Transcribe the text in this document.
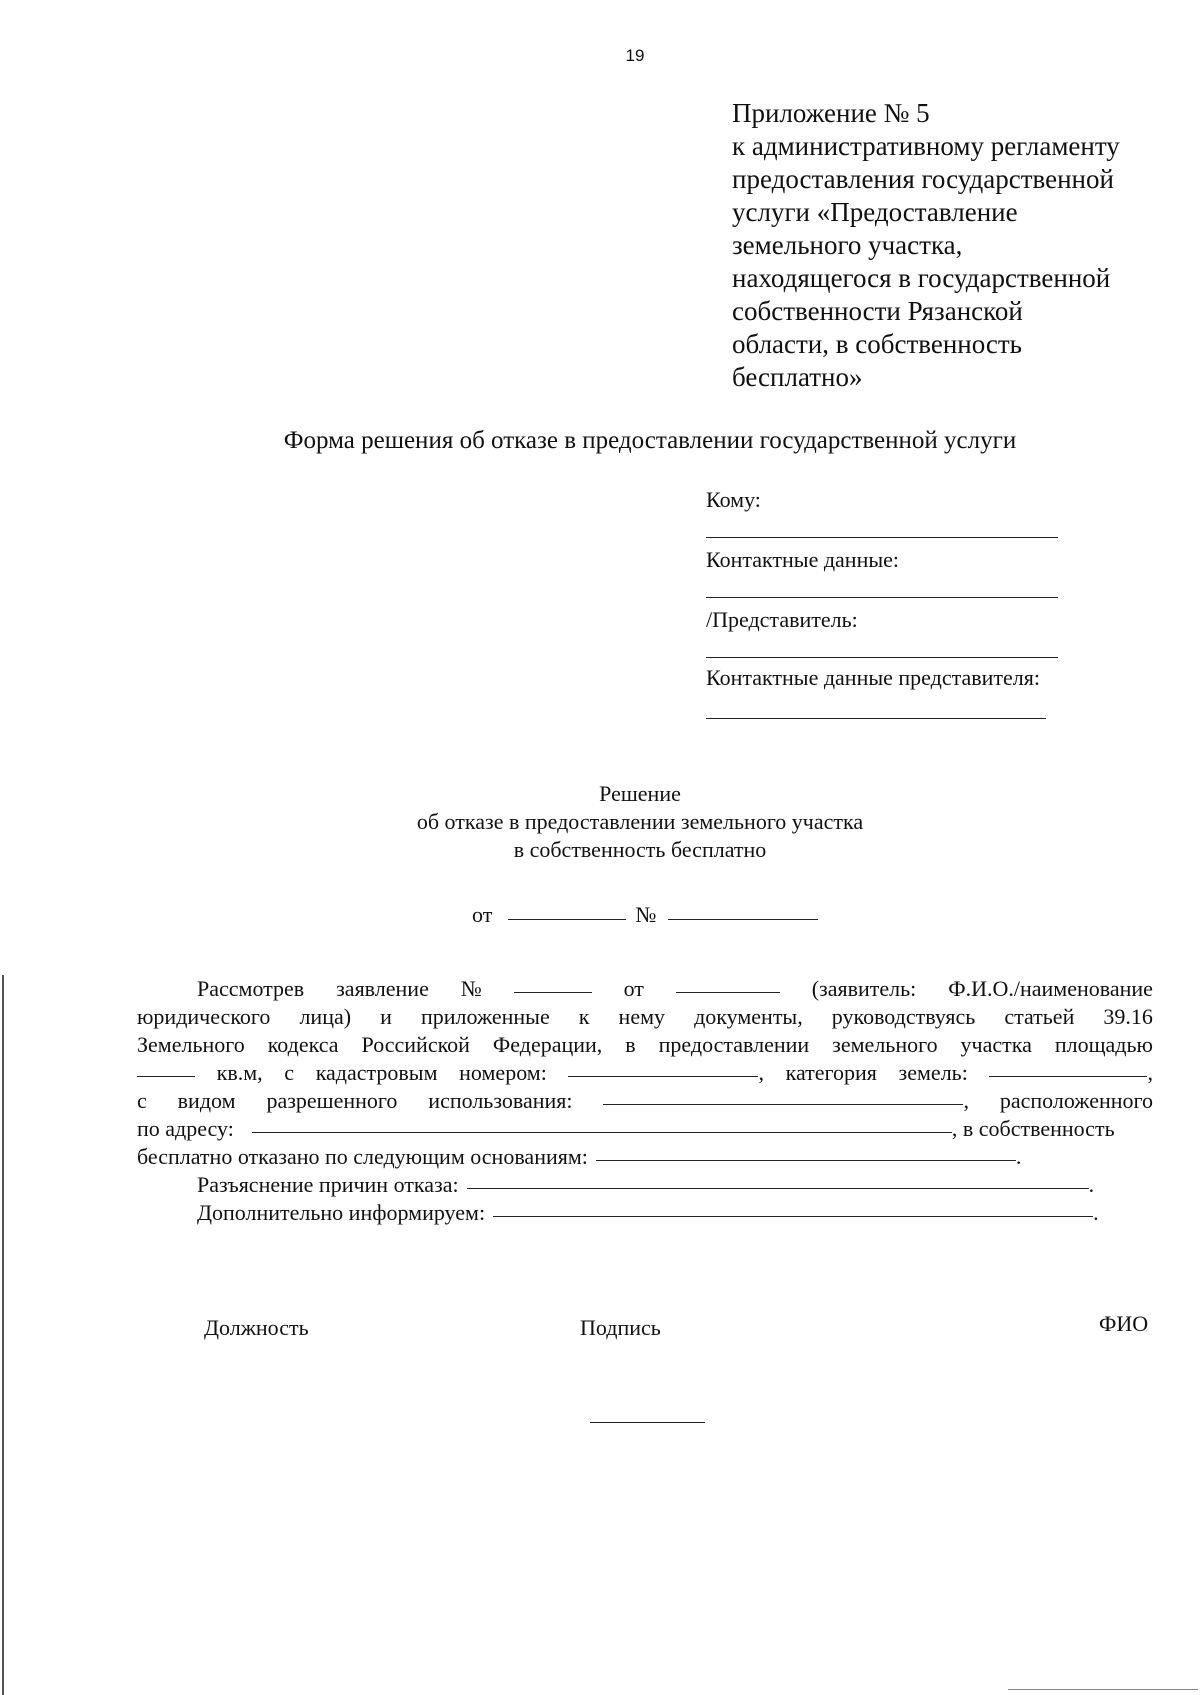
19
Приложение № 5
к административному регламенту
предоставления государственной
услуги «Предоставление
земельного участка,
находящегося в государственной
собственности Рязанской
области, в собственность
бесплатно»
Форма решения об отказе в предоставлении государственной услуги
Кому:
Контактные данные:
/Представитель:
Контактные данные представителя:
Решение
об отказе в предоставлении земельного участка
в собственность бесплатно
от	№
Рассмотрев заявление №	от	(заявитель: Ф.И.О./наименование
юридического лица) и приложенные к нему документы, руководствуясь статьей 39.16
Земельного кодекса Российской Федерации, в предоставлении земельного участка площадью
кв.м, с кадастровым номером:	, категория земель:	,
с видом разрешенного использования:	, расположенного
по адресу:	, в собственность
бесплатно отказано по следующим основаниям:	.
Разъяснение причин отказа:	.
Дополнительно информируем:	.
Должность	Подпись	ФИО
